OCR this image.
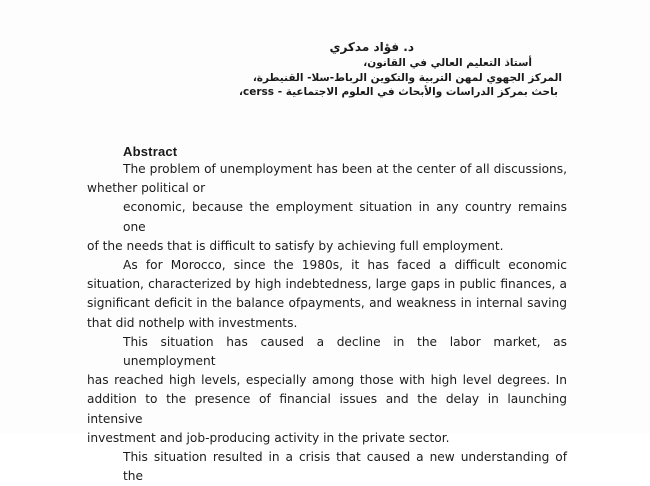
د. فؤاد مدكري
أستاذ التعليم العالي في القانون،
المركز الجهوي لمهن التربية والتكوين الرباط-سلا- القنيطرة،
باحث بمركز الدراسات والأبحاث في العلوم الاجتماعية - cerss،
Abstract

The problem of unemployment has been at the center of all discussions,

whether political or

economic, because the employment situation in any country remains one

of the needs that is difficult to satisfy by achieving full employment.

As for Morocco, since the 1980s, it has faced a difficult economic

situation, characterized by high indebtedness, large gaps in public finances, a

significant deficit in the balance ofpayments, and weakness in internal saving

that did nothelp with investments.

This situation has caused a decline in the labor market, as unemployment

has reached high levels, especially among those with high level degrees. In

addition to the presence of financial issues and the delay in launching intensive

investment and job-producing activity in the private sector.

This situation resulted in a crisis that caused a new understanding of the
